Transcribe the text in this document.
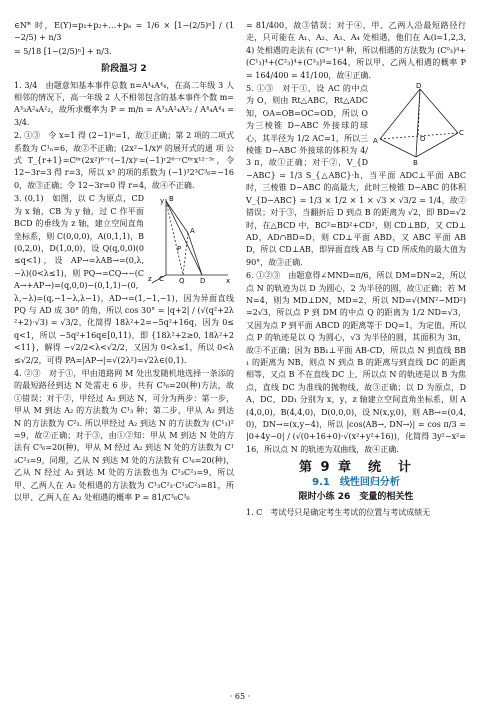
∈N* 时，E(Y)=p₁+p₂+…+pₙ = 1/6 × [1−(2/5)ⁿ] / (1−2/5) + n/3

= 5/18 [1−(2/5)ⁿ] + n/3.

阶段温习 2

1. 3/4　由题意知基本事件总数 n=A⁴₄A⁴₄，在高二年级 3 人相邻的情况下，高一年级 2 人不相邻包含的基本事件个数 m=A³₃A²₄A²₂，故所求概率为 P = m/n = A³₃A²₄A²₂ / A⁴₄A⁴₄ = 3/4.

2. ①③　令 x=1 得 (2−1)ⁿ=1，故①正确；第 2 项的二项式系数为 C¹ₙ=6，故②不正确；(2x²−1/x)⁶ 的展开式的通 项 公 式 T_{r+1}=C⁶ʳ(2x²)⁶⁻ʳ(−1/x)ʳ=(−1)ʳ2⁶⁻ʳC⁶ʳx¹²⁻³ʳ，令 12−3r=3 得 r=3，所以 x³ 的项的系数为 (−1)³2³C³₆=−160，故③正确；令 12−3r=0 得 r=4，故④不正确.

B
A
P
C Q D
y
x
z

3. (0,1)　如图，以 C 为原点，CD 为 x 轴，CB 为 y 轴，过 C 作平面 BCD 的垂线为 z 轴，建立空间直角坐标系，则 C(0,0,0)，A(0,1,1)，B(0,2,0)，D(1,0,0)，设 Q(q,0,0)(0≤q<1)，设 AP→=λAB→=(0,λ,−λ)(0<λ≤1)，则 PQ→=CQ→−(CA→+AP→)=(q,0,0)−(0,1,1)−(0,λ,−λ)=(q,−1−λ,λ−1)，AD→=(1,−1,−1)，因为异面直线 PQ 与 AD 成 30° 的角，所以 cos 30° = |q+2| / (√(q²+2λ²+2)·√3) = √3/2，化简得 18λ²+2=−5q²+16q，因为 0≤q<1，所以 −5q²+16q∈[0,11)，即 {18λ²+2≥0, 18λ²+2<11}，解得 −√2/2<λ<√2/2，又因为 0<λ≤1，所以 0<λ≤√2/2，可得 PA=|AP→|=√(2λ²)=√2λ∈(0,1).

4. ②③　对于①，甲由道路网 M 处出发随机地选择一条添的的最短路径到达 N 处需走 6 步，共有 C³₆=20(种)方法，故①错误；对于②，甲经过 A₂ 到达 N，可分为两步：第一步，甲从 M 到达 A₂ 的方法数为 C¹₃ 种；第二步，甲从 A₂ 到达 N 的方法数为 C²₃. 所以甲经过 A₂ 到达 N 的方法数为 (C¹₃)²=9，故②正确；对于③，由①②知：甲从 M 到达 N 处的方法有 C³₆=20(种)，甲从 M 经过 A₂ 到达 N 处的方法数为 C¹₃C²₃=9，同理，乙从 N 到达 M 处的方法数有 C³₆=20(种)，乙从 N 经过 A₂ 到达 M 处的方法数也为 C¹₃C²₃=9，所以甲、乙两人在 A₂ 处相遇的方法数为 C¹₃C²₃·C¹₃C²₃=81，所以甲、乙两人在 A₂ 处相遇的概率 P = 81/C³₆C³₆

= 81/400，故③错误；对于④，甲、乙两人沿最短路径行走，只可能在 A₁、A₂、A₃、A₄ 处相遇，他们在 Aᵢ(i=1,2,3,4) 处相遇的走法有 (C³ⁱ⁻¹)⁴ 种，所以相遇的方法数为 (C⁰₃)⁴+(C¹₃)⁴+(C²₃)⁴+(C³₃)⁴=164，所以甲、乙两人相遇的概率 P = 164/400 = 41/100，故④正确.

D
A
B
C
O

5. ①③　对于①，设 AC 的中点为 O，则由 Rt△ABC，Rt△ADC 知，OA=OB=OC=OD，所以 O 为三棱锥 D−ABC 外接球的球心，其半径为 1/2 AC=1，所以三棱锥 D−ABC 外接球的体积为 4/3 π，故①正确；对于②，V_{D−ABC} = 1/3 S_{△ABC}·h，当平面 ADC⊥平面 ABC 时，三棱锥 D−ABC 的高最大，此时三棱锥 D−ABC 的体积 V_{D−ABC} = 1/3 × 1/2 × 1 × √3 × √3/2 = 1/4，故②错误；对于③，当翻折后 D 到点 B 的距离为 √2，即 BD=√2 时，在△BCD 中，BC²=BD²+CD²，则 CD⊥BD，又 CD⊥AD，AD∩BD=D，则 CD⊥平面 ABD，又 ABC 平面 ABD，所以 CD⊥AB，即异面直线 AB 与 CD 所成角的最大值为 90°，故③正确.

6. ①②③　由题意得∠MND=π/6，所以 DM=DN=2，所以点 N 的轨迹为以 D 为圆心，2 为半径的圆，故①正确；若 MN=4，则为 MD⊥DN，MD=2，所以 ND=√(MN²−MD²)=2√3，所以点 P 到 DM 的中点 Q 的距离为 1/2 ND=√3，又因为点 P 到平面 ABCD 的距离等于 DQ=1，为定值，所以点 P 的轨迹是以 Q 为圆心，√3 为半径的圆，其面积为 3π，故②不正确；因为 BB₁⊥平面 AB-CD，所以点 N 到直线 BB₁ 的距离为 NB，则点 N 到点 B 的距离与到直线 DC 的距离相等，又点 B 不在直线 DC 上，所以点 N 的轨迹是以 B 为焦点，直线 DC 为准线的抛物线，故③正确；以 D 为原点，DA，DC，DD₁ 分别为 x，y，z 轴建立空间直角坐标系，则 A(4,0,0)，B(4,4,0)，D(0,0,0)，设 N(x,y,0)，则 AB→=(0,4,0)，DN→=(x,y−4)，所以 |cos⟨AB→, DN→⟩| = cos π/3 = |0+4y−0| / (√(0+16+0)·√(x²+y²+16))，化简得 3y²−x²=16，所以点 N 的轨迹为双曲线，故④正确.

第 9 章　统　计
9.1　线性回归分析
限时小练 26　变量的相关性

1. C　考试号只是确定考生考试的位置与考试成绩无

· 65 ·
